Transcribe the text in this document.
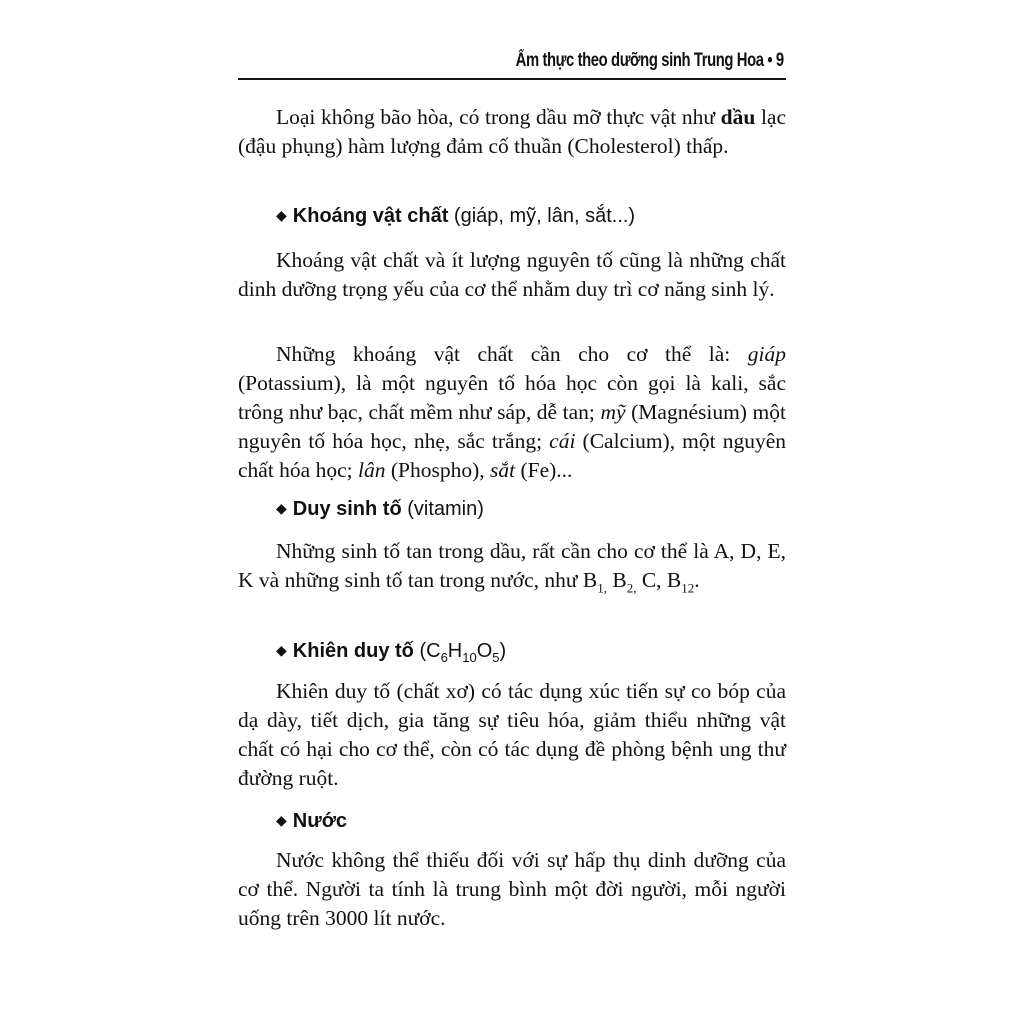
Ẩm thực theo dưỡng sinh Trung Hoa • 9

Loại không bão hòa, có trong dầu mỡ thực vật như dầu lạc (đậu phụng) hàm lượng đảm cố thuần (Cholesterol) thấp.

◆ Khoáng vật chất (giáp, mỹ, lân, sắt...)

Khoáng vật chất và ít lượng nguyên tố cũng là những chất dinh dưỡng trọng yếu của cơ thể nhằm duy trì cơ năng sinh lý.

Những khoáng vật chất cần cho cơ thể là: giáp (Potassium), là một nguyên tố hóa học còn gọi là kali, sắc trông như bạc, chất mềm như sáp, dễ tan; mỹ (Magnésium) một nguyên tố hóa học, nhẹ, sắc trắng; cái (Calcium), một nguyên chất hóa học; lân (Phospho), sắt (Fe)...

◆ Duy sinh tố (vitamin)

Những sinh tố tan trong dầu, rất cần cho cơ thể là A, D, E, K và những sinh tố tan trong nước, như $B_{1,}$ $B_{2,}$ C, $B_{12}$.

◆ Khiên duy tố $(C_6H_{10}O_5)$

Khiên duy tố (chất xơ) có tác dụng xúc tiến sự co bóp của dạ dày, tiết dịch, gia tăng sự tiêu hóa, giảm thiểu những vật chất có hại cho cơ thể, còn có tác dụng đề phòng bệnh ung thư đường ruột.

◆ Nước

Nước không thể thiếu đối với sự hấp thụ dinh dưỡng của cơ thể. Người ta tính là trung bình một đời người, mỗi người uống trên 3000 lít nước.
